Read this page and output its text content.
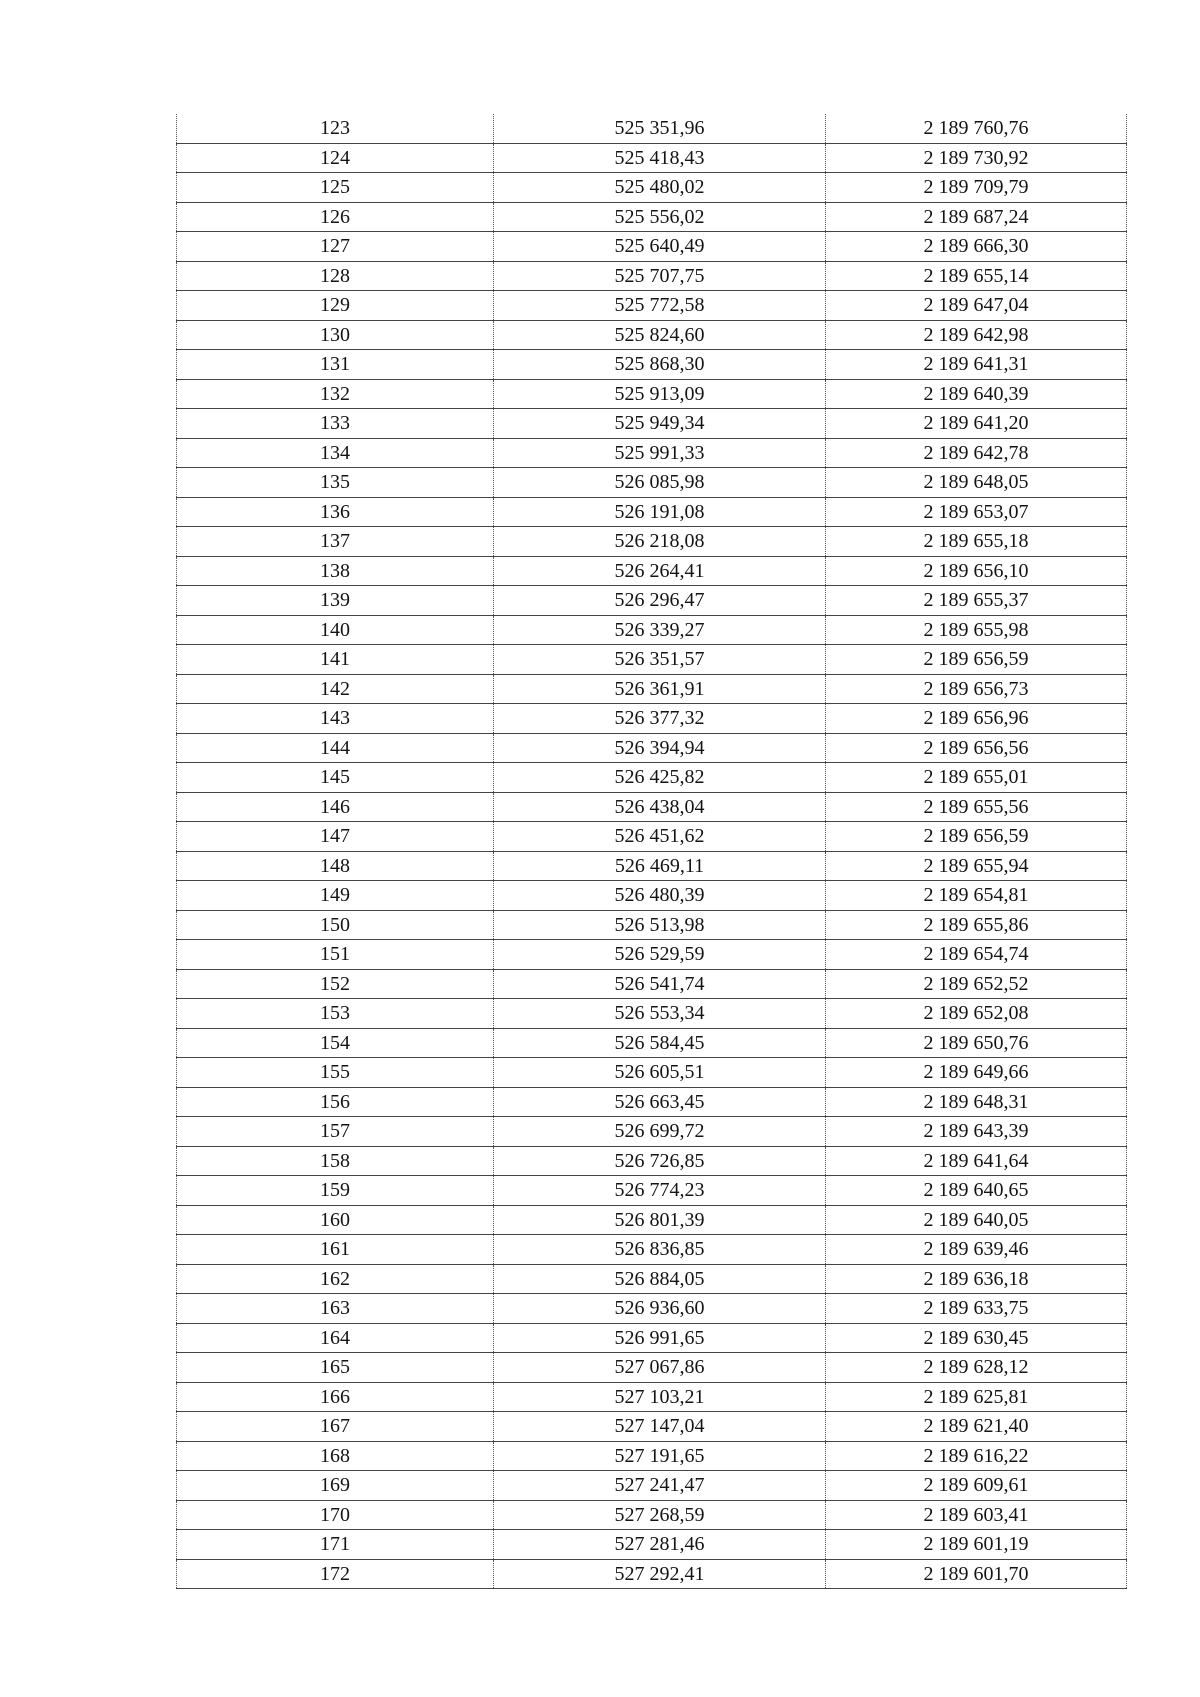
123	525 351,96	2 189 760,76
124	525 418,43	2 189 730,92
125	525 480,02	2 189 709,79
126	525 556,02	2 189 687,24
127	525 640,49	2 189 666,30
128	525 707,75	2 189 655,14
129	525 772,58	2 189 647,04
130	525 824,60	2 189 642,98
131	525 868,30	2 189 641,31
132	525 913,09	2 189 640,39
133	525 949,34	2 189 641,20
134	525 991,33	2 189 642,78
135	526 085,98	2 189 648,05
136	526 191,08	2 189 653,07
137	526 218,08	2 189 655,18
138	526 264,41	2 189 656,10
139	526 296,47	2 189 655,37
140	526 339,27	2 189 655,98
141	526 351,57	2 189 656,59
142	526 361,91	2 189 656,73
143	526 377,32	2 189 656,96
144	526 394,94	2 189 656,56
145	526 425,82	2 189 655,01
146	526 438,04	2 189 655,56
147	526 451,62	2 189 656,59
148	526 469,11	2 189 655,94
149	526 480,39	2 189 654,81
150	526 513,98	2 189 655,86
151	526 529,59	2 189 654,74
152	526 541,74	2 189 652,52
153	526 553,34	2 189 652,08
154	526 584,45	2 189 650,76
155	526 605,51	2 189 649,66
156	526 663,45	2 189 648,31
157	526 699,72	2 189 643,39
158	526 726,85	2 189 641,64
159	526 774,23	2 189 640,65
160	526 801,39	2 189 640,05
161	526 836,85	2 189 639,46
162	526 884,05	2 189 636,18
163	526 936,60	2 189 633,75
164	526 991,65	2 189 630,45
165	527 067,86	2 189 628,12
166	527 103,21	2 189 625,81
167	527 147,04	2 189 621,40
168	527 191,65	2 189 616,22
169	527 241,47	2 189 609,61
170	527 268,59	2 189 603,41
171	527 281,46	2 189 601,19
172	527 292,41	2 189 601,70
